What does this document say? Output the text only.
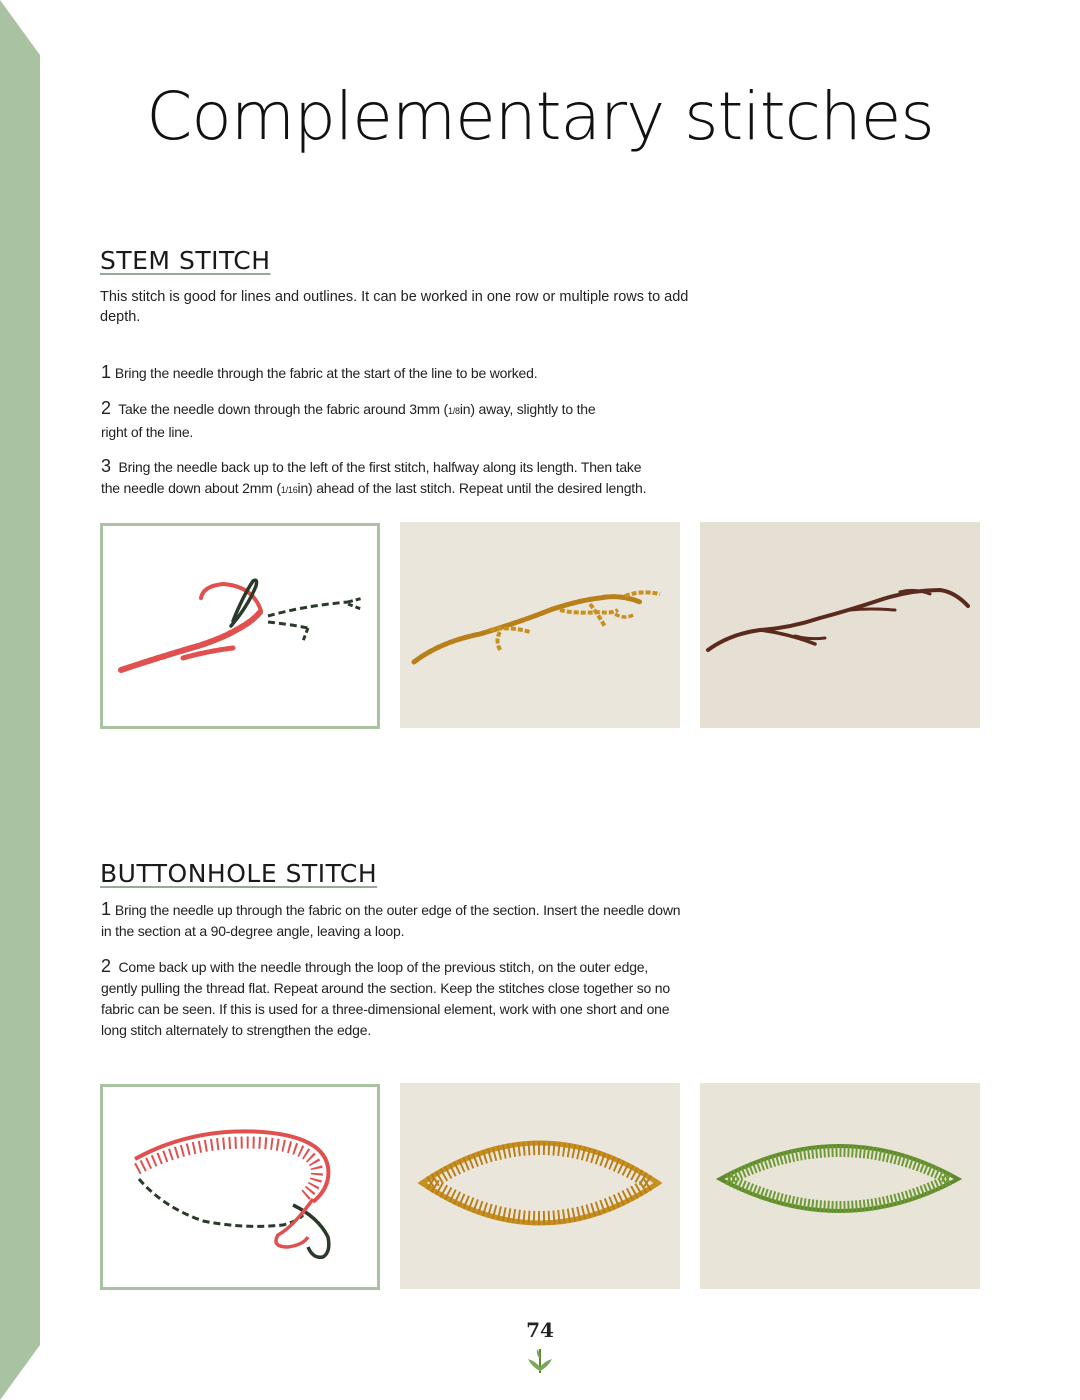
Complementary stitches
STEM STITCH

This stitch is good for lines and outlines. It can be worked in one row or multiple rows to add depth.

1 Bring the needle through the fabric at the start of the line to be worked.

2 Take the needle down through the fabric around 3mm (1/8in) away, slightly to the right of the line.

3 Bring the needle back up to the left of the first stitch, halfway along its length. Then take the needle down about 2mm (1/16in) ahead of the last stitch. Repeat until the desired length.

BUTTONHOLE STITCH

1 Bring the needle up through the fabric on the outer edge of the section. Insert the needle down in the section at a 90-degree angle, leaving a loop.

2 Come back up with the needle through the loop of the previous stitch, on the outer edge, gently pulling the thread flat. Repeat around the section. Keep the stitches close together so no fabric can be seen. If this is used for a three-dimensional element, work with one short and one long stitch alternately to strengthen the edge.

74
